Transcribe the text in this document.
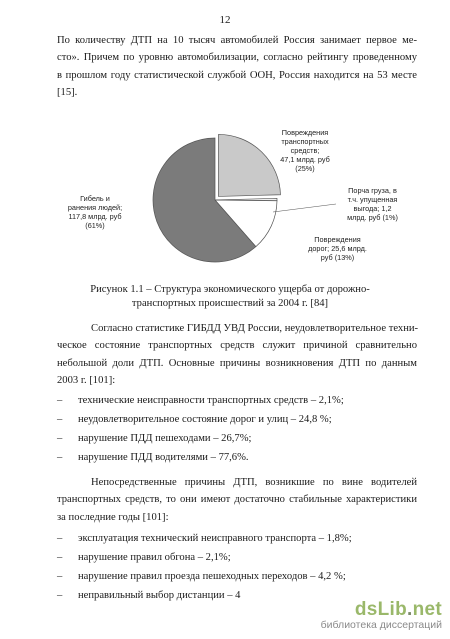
12
По количеству ДТП на 10 тысяч автомобилей Россия занимает первое ме-
сто». Причем по уровню автомобилизации, согласно рейтингу проведенному
в прошлом году статистической службой ООН, Россия находится на 53 месте
[15].
Гибель и
ранения людей;
117,8 млрд. руб
(61%)
Повреждения
транспортных
средств;
47,1 млрд. руб
(25%)
Порча груза, в
т.ч. упущенная
выгода; 1,2
млрд. руб (1%)
Повреждения
дорог; 25,6 млрд.
руб (13%)
Рисунок 1.1 – Структура экономического ущерба от дорожно-
транспортных происшествий за 2004 г. [84]
Согласно статистике ГИБДД УВД России, неудовлетворительное техни-
ческое состояние транспортных средств служит причиной сравнительно
небольшой доли ДТП. Основные причины возникновения ДТП по данным
2003 г. [101]:
– технические неисправности транспортных средств – 2,1%;
– неудовлетворительное состояние дорог и улиц – 24,8 %;
– нарушение ПДД пешеходами – 26,7%;
– нарушение ПДД водителями – 77,6%.
Непосредственные причины ДТП, возникшие по вине водителей
транспортных средств, то они имеют достаточно стабильные характеристики
за последние годы [101]:
– эксплуатация технический неисправного транспорта – 1,8%;
– нарушение правил обгона – 2,1%;
– нарушение правил проезда пешеходных переходов – 4,2 %;
– неправильный выбор дистанции – 4
dsLib.net
библиотека диссертаций
